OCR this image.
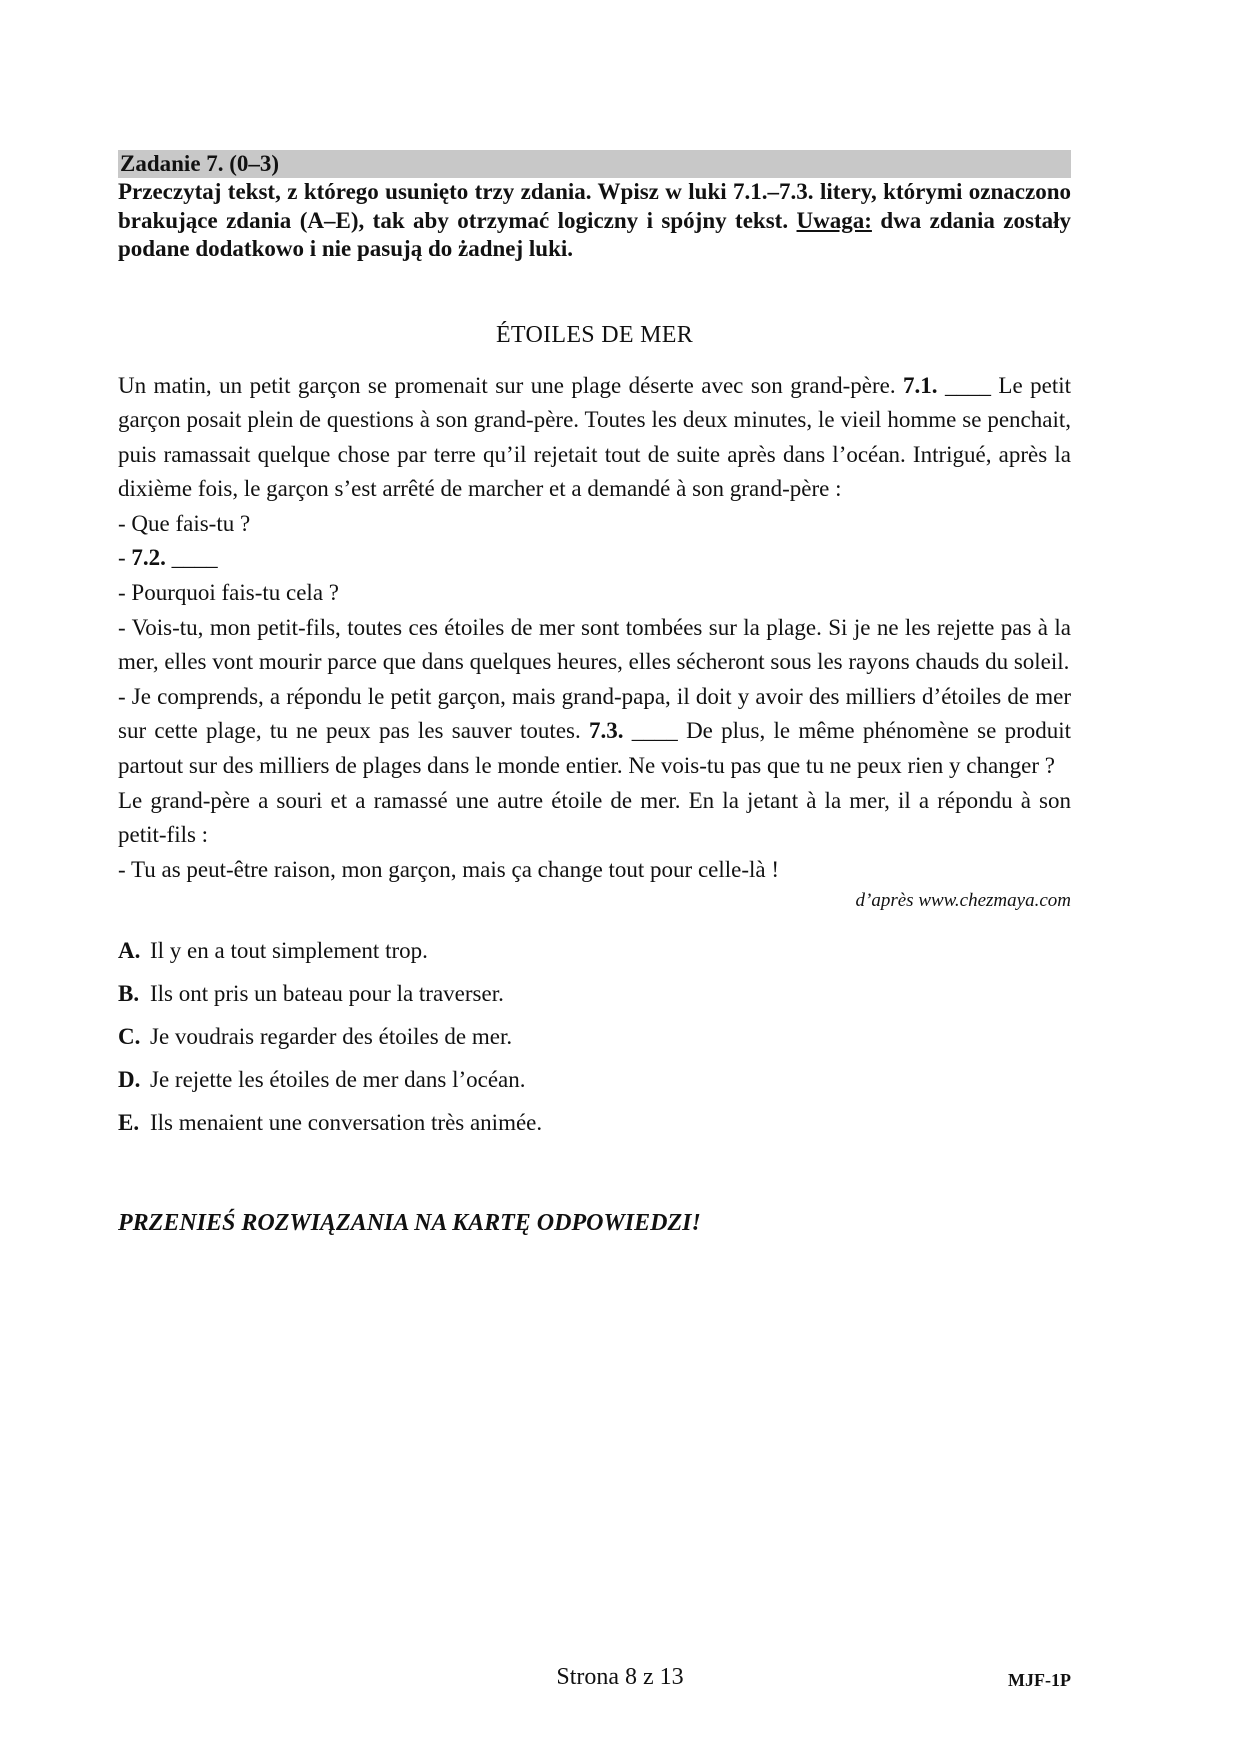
Zadanie 7. (0–3)

Przeczytaj tekst, z którego usunięto trzy zdania. Wpisz w luki 7.1.–7.3. litery, którymi oznaczono brakujące zdania (A–E), tak aby otrzymać logiczny i spójny tekst. Uwaga: dwa zdania zostały podane dodatkowo i nie pasują do żadnej luki.

ÉTOILES DE MER

Un matin, un petit garçon se promenait sur une plage déserte avec son grand-père. 7.1. ____ Le petit garçon posait plein de questions à son grand-père. Toutes les deux minutes, le vieil homme se penchait, puis ramassait quelque chose par terre qu’il rejetait tout de suite après dans l’océan. Intrigué, après la dixième fois, le garçon s’est arrêté de marcher et a demandé à son grand-père :

- Que fais-tu ?

- 7.2. ____

- Pourquoi fais-tu cela ?

- Vois-tu, mon petit-fils, toutes ces étoiles de mer sont tombées sur la plage. Si je ne les rejette pas à la mer, elles vont mourir parce que dans quelques heures, elles sécheront sous les rayons chauds du soleil.

- Je comprends, a répondu le petit garçon, mais grand-papa, il doit y avoir des milliers d’étoiles de mer sur cette plage, tu ne peux pas les sauver toutes. 7.3. ____ De plus, le même phénomène se produit partout sur des milliers de plages dans le monde entier. Ne vois-tu pas que tu ne peux rien y changer ?

Le grand-père a souri et a ramassé une autre étoile de mer. En la jetant à la mer, il a répondu à son petit-fils :

- Tu as peut-être raison, mon garçon, mais ça change tout pour celle-là !

d’après www.chezmaya.com
A. Il y en a tout simplement trop.
B. Ils ont pris un bateau pour la traverser.
C. Je voudrais regarder des étoiles de mer.
D. Je rejette les étoiles de mer dans l’océan.
E. Ils menaient une conversation très animée.
PRZENIEŚ ROZWIĄZANIA NA KARTĘ ODPOWIEDZI!
Strona 8 z 13	MJF-1P
